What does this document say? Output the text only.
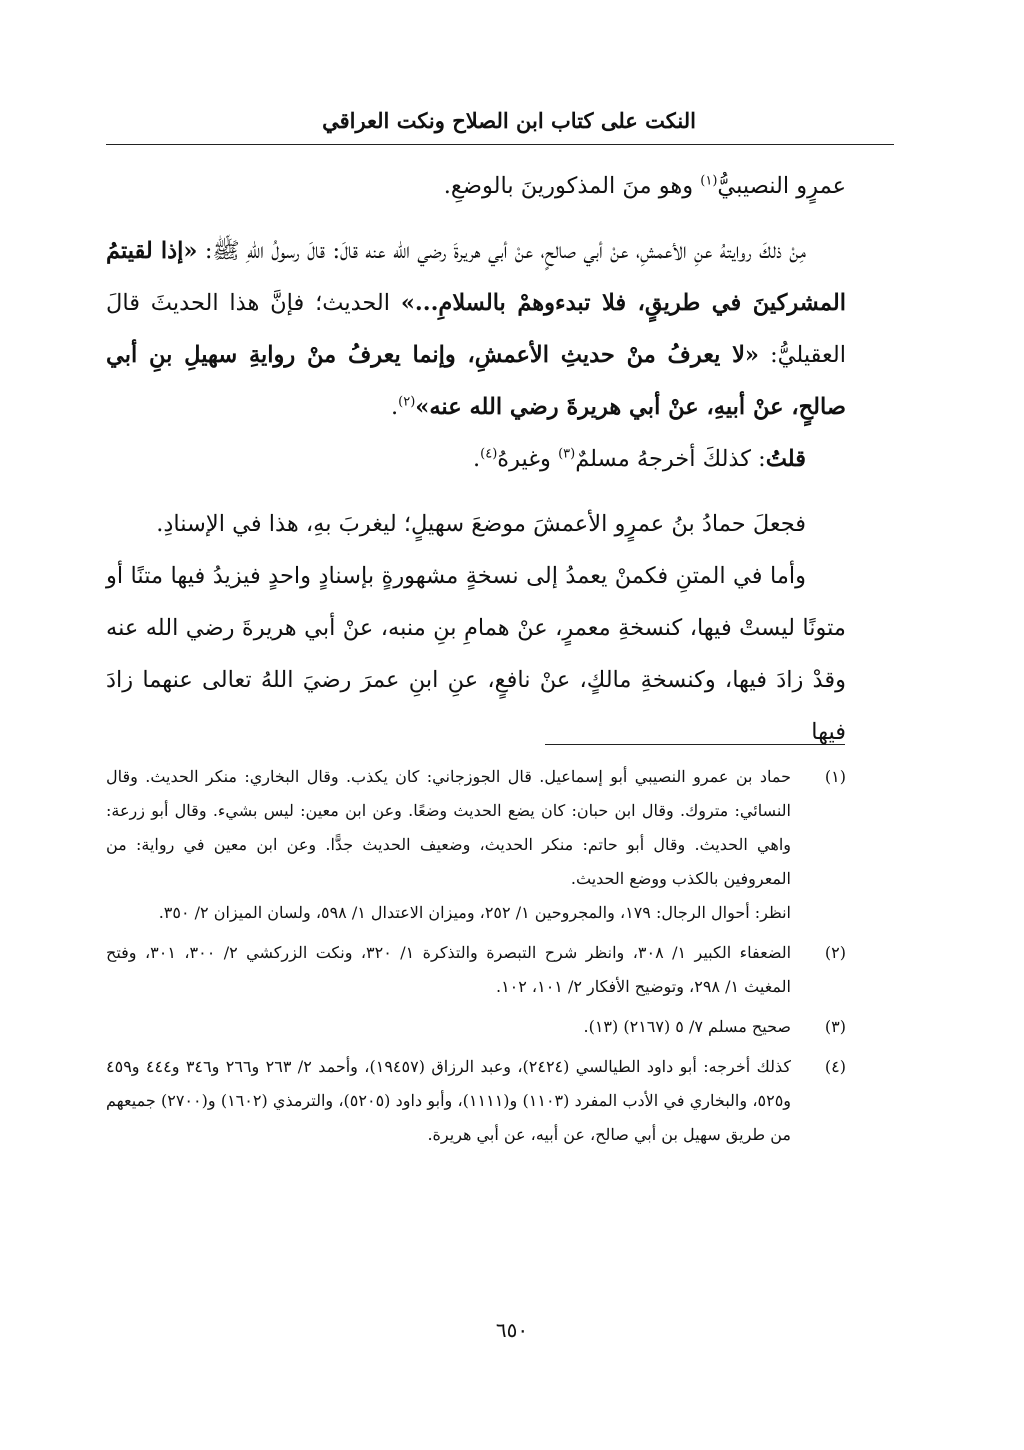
النكت على كتاب ابن الصلاح ونكت العراقي

عمرٍو النصيبيُّ$^{(١)}$ وهو منَ المذكورينَ بالوضعِ.

مِنْ ذلكَ روايتهُ عنِ الأعمشِ، عنْ أبي صالحٍ، عنْ أبي هريرةَ رضي الله عنه قالَ: قالَ رسولُ اللهِ ﷺ: «إذا لقيتمُ المشركينَ في طريقٍ، فلا تبدءوهمْ بالسلامِ...» الحديث؛ فإنَّ هذا الحديثَ قالَ العقيليُّ: «لا يعرفُ منْ حديثِ الأعمشِ، وإنما يعرفُ منْ روايةِ سهيلِ بنِ أبي صالحٍ، عنْ أبيهِ، عنْ أبي هريرةَ رضي الله عنه»$^{(٢)}$.

قلتُ: كذلكَ أخرجهُ مسلمٌ$^{(٣)}$ وغيرهُ$^{(٤)}$.

فجعلَ حمادُ بنُ عمرٍو الأعمشَ موضعَ سهيلٍ؛ ليغربَ بهِ، هذا في الإسنادِ.

وأما في المتنِ فكمنْ يعمدُ إلى نسخةٍ مشهورةٍ بإسنادٍ واحدٍ فيزيدُ فيها متنًا أو متونًا ليستْ فيها، كنسخةِ معمرٍ، عنْ همامِ بنِ منبه، عنْ أبي هريرةَ رضي الله عنه وقدْ زادَ فيها، وكنسخةِ مالكٍ، عنْ نافعٍ، عنِ ابنِ عمرَ رضيَ اللهُ تعالى عنهما زادَ فيها

(١)
حماد بن عمرو النصيبي أبو إسماعيل. قال الجوزجاني: كان يكذب. وقال البخاري: منكر الحديث. وقال النسائي: متروك. وقال ابن حبان: كان يضع الحديث وضعًا. وعن ابن معين: ليس بشيء. وقال أبو زرعة: واهي الحديث. وقال أبو حاتم: منكر الحديث، وضعيف الحديث جدًّا. وعن ابن معين في رواية: من المعروفين بالكذب ووضع الحديث.
انظر: أحوال الرجال: ١٧٩، والمجروحين ١/ ٢٥٢، وميزان الاعتدال ١/ ٥٩٨، ولسان الميزان ٢/ ٣٥٠.
(٢)
الضعفاء الكبير ١/ ٣٠٨، وانظر شرح التبصرة والتذكرة ١/ ٣٢٠، ونكت الزركشي ٢/ ٣٠٠، ٣٠١، وفتح المغيث ١/ ٢٩٨، وتوضيح الأفكار ٢/ ١٠١، ١٠٢.
(٣)
صحيح مسلم ٧/ ٥ (٢١٦٧) (١٣).
(٤)
كذلك أخرجه: أبو داود الطيالسي (٢٤٢٤)، وعبد الرزاق (١٩٤٥٧)، وأحمد ٢/ ٢٦٣ و٢٦٦ و٣٤٦ و٤٤٤ و٤٥٩ و٥٢٥، والبخاري في الأدب المفرد (١١٠٣) و(١١١١)، وأبو داود (٥٢٠٥)، والترمذي (١٦٠٢) و(٢٧٠٠) جميعهم من طريق سهيل بن أبي صالح، عن أبيه، عن أبي هريرة.
٦٥٠
